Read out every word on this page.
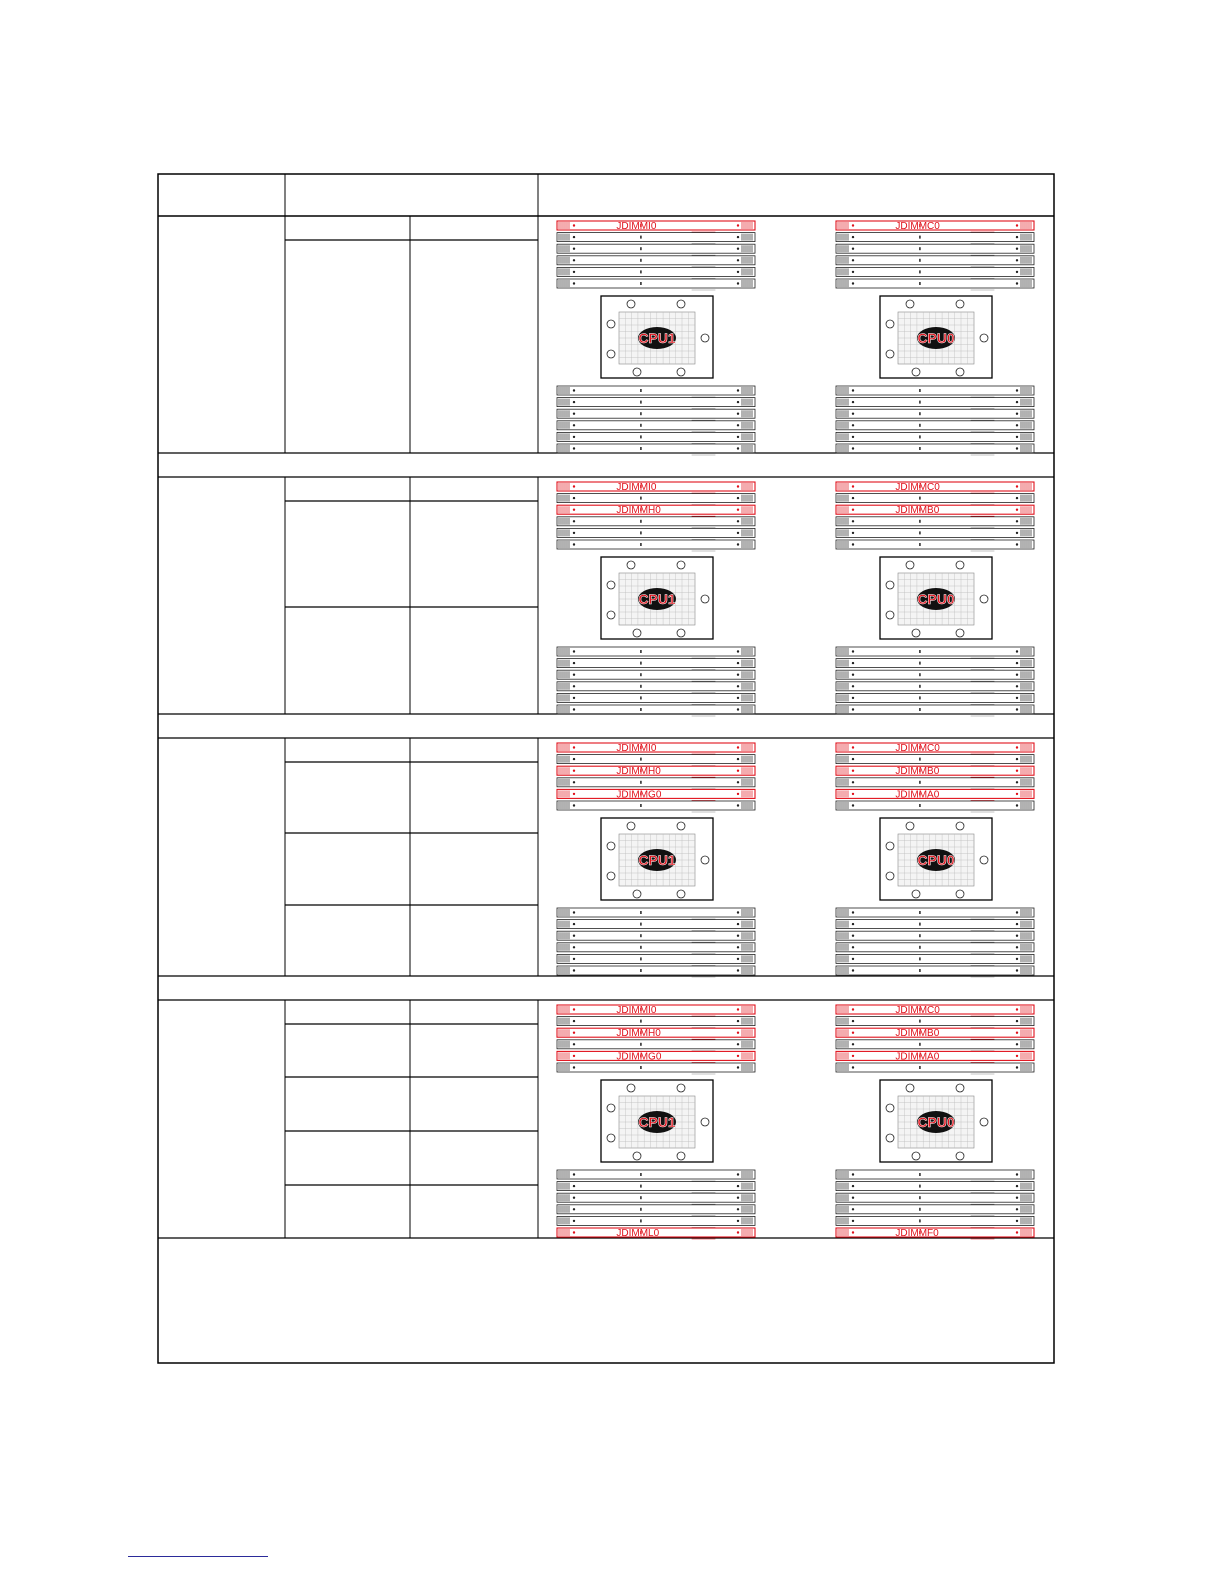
JDIMMI0
CPU1
JDIMMC0
CPU0
JDIMMI0
JDIMMH0
CPU1
JDIMMC0
JDIMMB0
CPU0
JDIMMI0
JDIMMH0
JDIMMG0
CPU1
JDIMMC0
JDIMMB0
JDIMMA0
CPU0
JDIMMI0
JDIMMH0
JDIMMG0
CPU1
JDIMML0
JDIMMC0
JDIMMB0
JDIMMA0
CPU0
JDIMMF0
